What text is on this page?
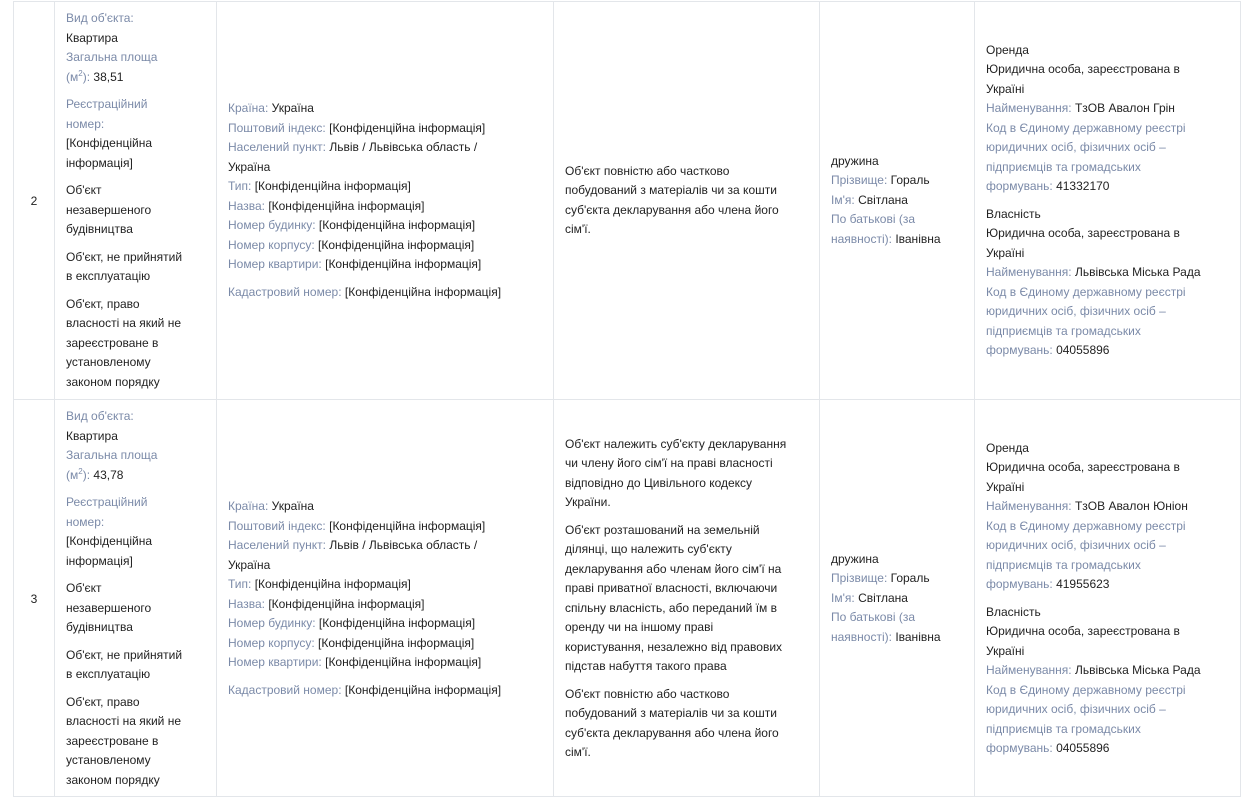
2
Вид об'єкта:
Квартира
Загальна площа
$(м^2)$: 38,51
Реєстраційний
номер:
[Конфіденційна
інформація]
Об'єкт
незавершеного
будівництва
Об'єкт, не прийнятий
в експлуатацію
Об'єкт, право
власності на який не
зареєстроване в
установленому
законом порядку
Країна: Україна
Поштовий індекс: [Конфіденційна інформація]
Населений пункт: Львів / Львівська область /
Україна
Тип: [Конфіденційна інформація]
Назва: [Конфіденційна інформація]
Номер будинку: [Конфіденційна інформація]
Номер корпусу: [Конфіденційна інформація]
Номер квартири: [Конфіденційна інформація]
Кадастровий номер: [Конфіденційна інформація]
Об'єкт повністю або частково
побудований з матеріалів чи за кошти
суб'єкта декларування або члена його
сім'ї.
дружина
Прізвище: Гораль
Ім'я: Світлана
По батькові (за
наявності): Іванівна
Оренда
Юридична особа, зареєстрована в
Україні
Найменування: ТзОВ Авалон Грін
Код в Єдиному державному реєстрі
юридичних осіб, фізичних осіб –
підприємців та громадських
формувань: 41332170
Власність
Юридична особа, зареєстрована в
Україні
Найменування: Львівська Міська Рада
Код в Єдиному державному реєстрі
юридичних осіб, фізичних осіб –
підприємців та громадських
формувань: 04055896
3
Вид об'єкта:
Квартира
Загальна площа
$(м^2)$: 43,78
Реєстраційний
номер:
[Конфіденційна
інформація]
Об'єкт
незавершеного
будівництва
Об'єкт, не прийнятий
в експлуатацію
Об'єкт, право
власності на який не
зареєстроване в
установленому
законом порядку
Країна: Україна
Поштовий індекс: [Конфіденційна інформація]
Населений пункт: Львів / Львівська область /
Україна
Тип: [Конфіденційна інформація]
Назва: [Конфіденційна інформація]
Номер будинку: [Конфіденційна інформація]
Номер корпусу: [Конфіденційна інформація]
Номер квартири: [Конфіденційна інформація]
Кадастровий номер: [Конфіденційна інформація]
Об'єкт належить суб'єкту декларування
чи члену його сім'ї на праві власності
відповідно до Цивільного кодексу
України.
Об'єкт розташований на земельній
ділянці, що належить суб'єкту
декларування або членам його сім'ї на
праві приватної власності, включаючи
спільну власність, або переданий їм в
оренду чи на іншому праві
користування, незалежно від правових
підстав набуття такого права
Об'єкт повністю або частково
побудований з матеріалів чи за кошти
суб'єкта декларування або члена його
сім'ї.
дружина
Прізвище: Гораль
Ім'я: Світлана
По батькові (за
наявності): Іванівна
Оренда
Юридична особа, зареєстрована в
Україні
Найменування: ТзОВ Авалон Юніон
Код в Єдиному державному реєстрі
юридичних осіб, фізичних осіб –
підприємців та громадських
формувань: 41955623
Власність
Юридична особа, зареєстрована в
Україні
Найменування: Львівська Міська Рада
Код в Єдиному державному реєстрі
юридичних осіб, фізичних осіб –
підприємців та громадських
формувань: 04055896
